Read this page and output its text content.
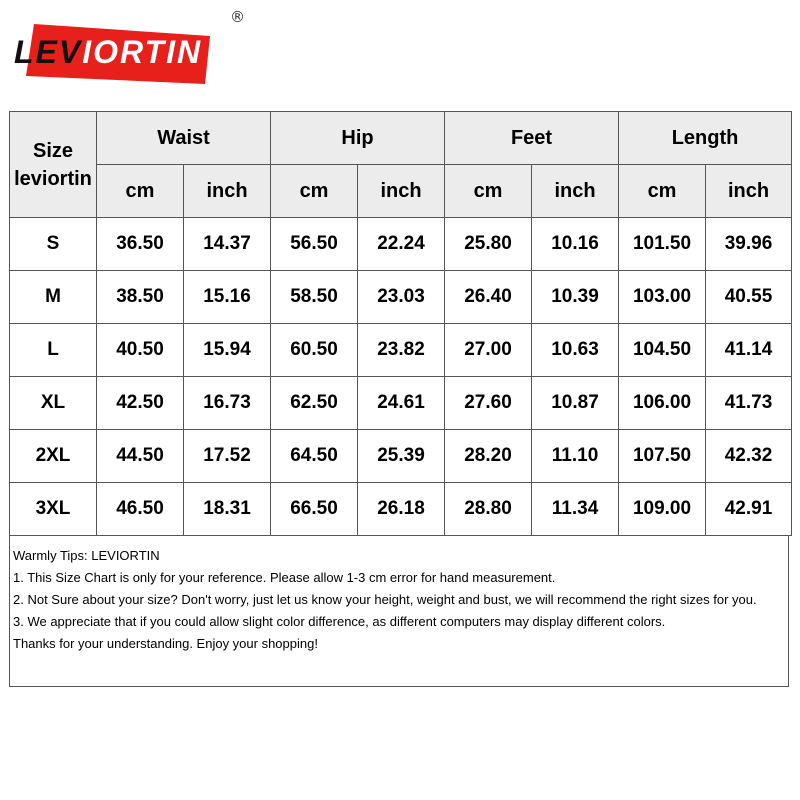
LEVIORTIN
®
Size
leviortin	Waist		Hip		Feet		Length	
	cm	inch	cm	inch	cm	inch	cm	inch
S	36.50	14.37	56.50	22.24	25.80	10.16	101.50	39.96
M	38.50	15.16	58.50	23.03	26.40	10.39	103.00	40.55
L	40.50	15.94	60.50	23.82	27.00	10.63	104.50	41.14
XL	42.50	16.73	62.50	24.61	27.60	10.87	106.00	41.73
2XL	44.50	17.52	64.50	25.39	28.20	11.10	107.50	42.32
3XL	46.50	18.31	66.50	26.18	28.80	11.34	109.00	42.91
Warmly Tips: LEVIORTIN
1. This Size Chart is only for your reference. Please allow 1-3 cm error for hand measurement.
2. Not Sure about your size? Don't worry, just let us know your height, weight and bust, we will recommend the right sizes for you.
3. We appreciate that if you could allow slight color difference, as different computers may display different colors.
Thanks for your understanding. Enjoy your shopping!
